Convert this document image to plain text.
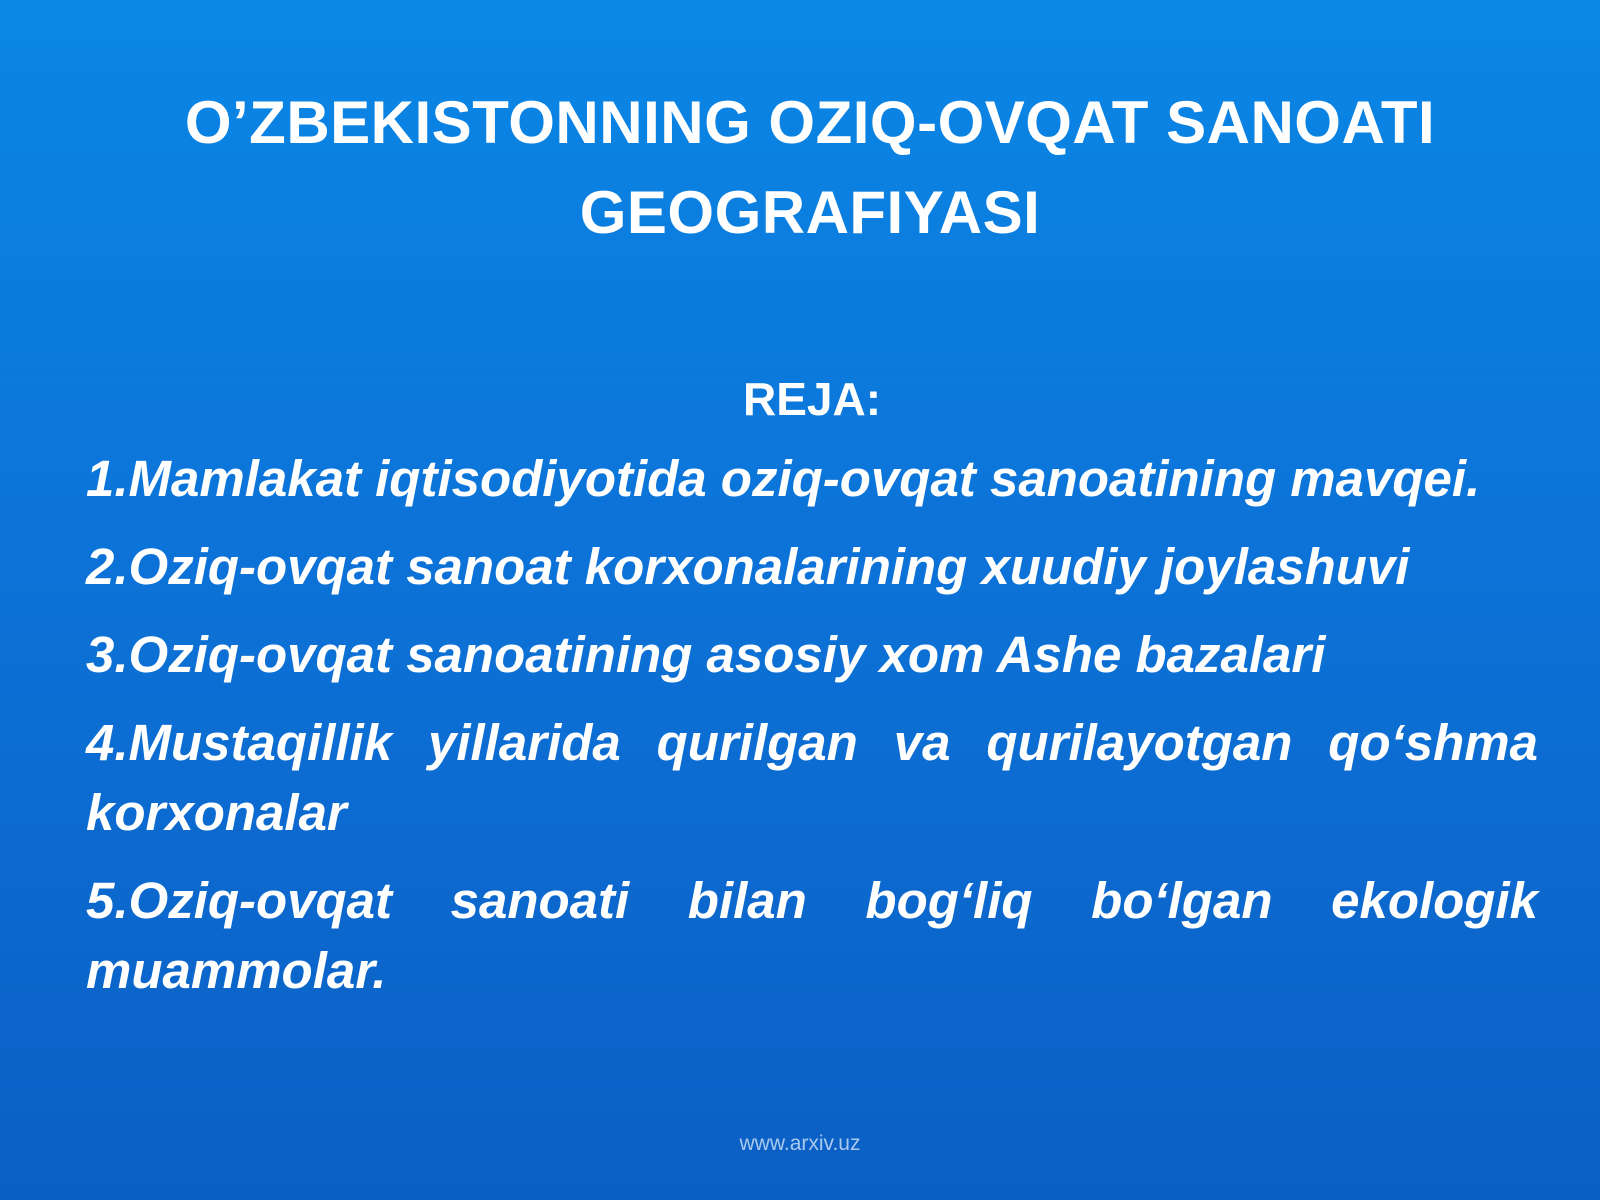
O’ZBEKISTONNING OZIQ-OVQAT SANOATI GEOGRAFIYASI
REJA:
1.Mamlakat iqtisodiyotida oziq-ovqat sanoatining mavqei.
2.Oziq-ovqat sanoat korxonalarining xuudiy joylashuvi
3.Oziq-ovqat sanoatining asosiy xom Ashe bazalari
4.Mustaqillik yillarida qurilgan va qurilayotgan qo‘shma korxonalar
5.Oziq-ovqat sanoati bilan bog‘liq bo‘lgan ekologik muammolar.
www.arxiv.uz
